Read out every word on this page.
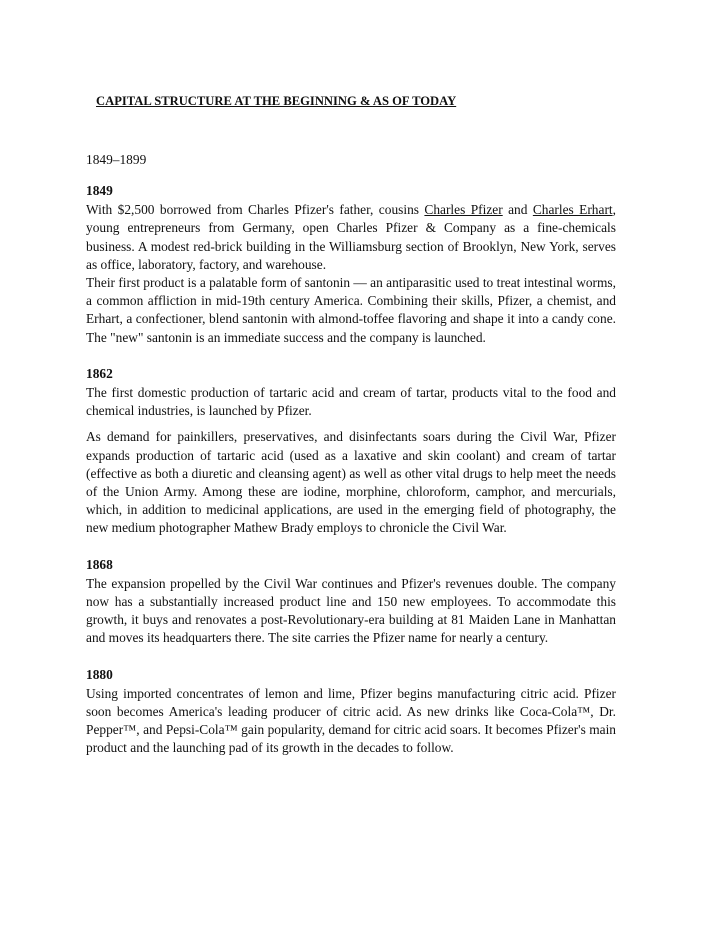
CAPITAL STRUCTURE AT THE BEGINNING & AS OF TODAY
1849–1899
1849

With $2,500 borrowed from Charles Pfizer's father, cousins Charles Pfizer and Charles Erhart, young entrepreneurs from Germany, open Charles Pfizer & Company as a fine-chemicals business. A modest red-brick building in the Williamsburg section of Brooklyn, New York, serves as office, laboratory, factory, and warehouse.

Their first product is a palatable form of santonin — an antiparasitic used to treat intestinal worms, a common affliction in mid-19th century America. Combining their skills, Pfizer, a chemist, and Erhart, a confectioner, blend santonin with almond-toffee flavoring and shape it into a candy cone. The "new" santonin is an immediate success and the company is launched.

1862

The first domestic production of tartaric acid and cream of tartar, products vital to the food and chemical industries, is launched by Pfizer.

As demand for painkillers, preservatives, and disinfectants soars during the Civil War, Pfizer expands production of tartaric acid (used as a laxative and skin coolant) and cream of tartar (effective as both a diuretic and cleansing agent) as well as other vital drugs to help meet the needs of the Union Army. Among these are iodine, morphine, chloroform, camphor, and mercurials, which, in addition to medicinal applications, are used in the emerging field of photography, the new medium photographer Mathew Brady employs to chronicle the Civil War.

1868

The expansion propelled by the Civil War continues and Pfizer's revenues double. The company now has a substantially increased product line and 150 new employees. To accommodate this growth, it buys and renovates a post-Revolutionary-era building at 81 Maiden Lane in Manhattan and moves its headquarters there. The site carries the Pfizer name for nearly a century.

1880

Using imported concentrates of lemon and lime, Pfizer begins manufacturing citric acid. Pfizer soon becomes America's leading producer of citric acid. As new drinks like Coca-Cola™, Dr. Pepper™, and Pepsi-Cola™ gain popularity, demand for citric acid soars. It becomes Pfizer's main product and the launching pad of its growth in the decades to follow.
